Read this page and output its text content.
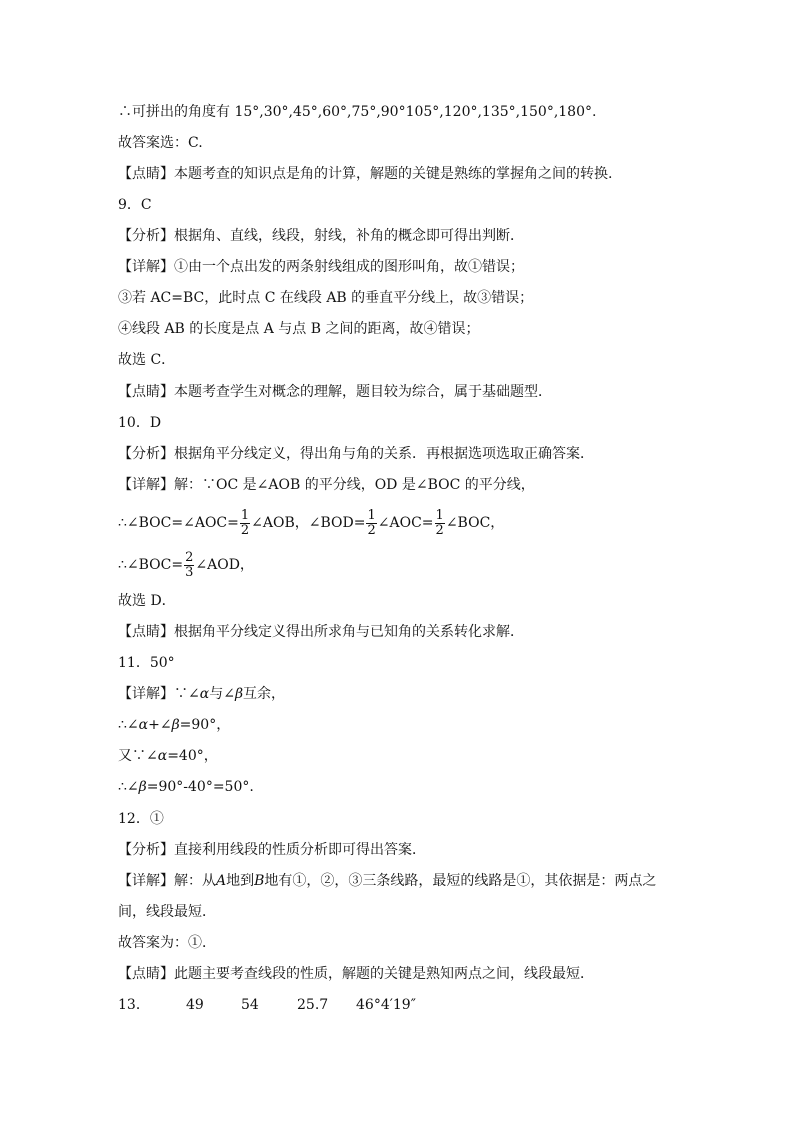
∴可拼出的角度有 15°,30°,45°,60°,75°,90°105°,120°,135°,150°,180°.
故答案选：C.
【点睛】本题考查的知识点是角的计算，解题的关键是熟练的掌握角之间的转换.
9．C
【分析】根据角、直线，线段，射线，补角的概念即可得出判断．
【详解】①由一个点出发的两条射线组成的图形叫角，故①错误；
③若 AC=BC，此时点 C 在线段 AB 的垂直平分线上，故③错误；
④线段 AB 的长度是点 A 与点 B 之间的距离，故④错误；
故选 C．
【点睛】本题考查学生对概念的理解，题目较为综合，属于基础题型．
10．D
【分析】根据角平分线定义，得出角与角的关系．再根据选项选取正确答案．
【详解】解：∵OC 是∠AOB 的平分线，OD 是∠BOC 的平分线，
∴∠BOC=∠AOC= $\frac{1}{2}$ ∠AOB，∠BOD= $\frac{1}{2}$ ∠AOC= $\frac{1}{2}$ ∠BOC，
∴∠BOC= $\frac{2}{3}$ ∠AOD，
故选 D．
【点睛】根据角平分线定义得出所求角与已知角的关系转化求解．
11．50°
【详解】∵∠α与∠β互余，
∴∠α+∠β=90°，
又∵∠α=40°，
∴∠β=90°-40°=50°.
12．①
【分析】直接利用线段的性质分析即可得出答案．
【详解】解：从A地到B地有①，②，③三条线路，最短的线路是①，其依据是：两点之
间，线段最短．
故答案为：①．
【点睛】此题主要考查线段的性质，解题的关键是熟知两点之间，线段最短．
13．	49	54	25.7 46°4′19″
